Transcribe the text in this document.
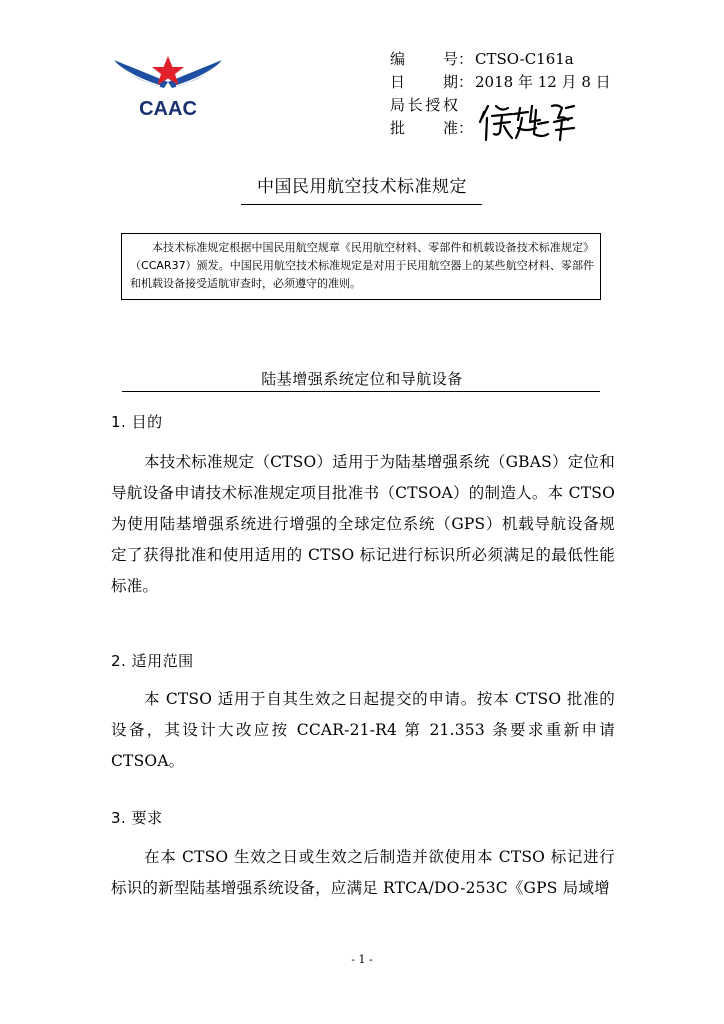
CAAC
编号 ： CTSO-C161a
日期 ： 2018 年 12 月 8 日
局长授权
批准 ：
中国民用航空技术标准规定
本技术标准规定根据中国民用航空规章《民用航空材料、零部件和机载设备技术标准规定》（CCAR37）颁发。中国民用航空技术标准规定是对用于民用航空器上的某些航空材料、零部件和机载设备接受适航审查时，必须遵守的准则。
陆基增强系统定位和导航设备
1. 目的
本技术标准规定（CTSO）适用于为陆基增强系统（GBAS）定位和导航设备申请技术标准规定项目批准书（CTSOA）的制造人。本 CTSO 为使用陆基增强系统进行增强的全球定位系统（GPS）机载导航设备规定了获得批准和使用适用的 CTSO 标记进行标识所必须满足的最低性能标准。
2. 适用范围
本 CTSO 适用于自其生效之日起提交的申请。按本 CTSO 批准的设备，其设计大改应按 CCAR-21-R4 第 21.353 条要求重新申请 CTSOA。
3. 要求
在本 CTSO 生效之日或生效之后制造并欲使用本 CTSO 标记进行标识的新型陆基增强系统设备，应满足 RTCA/DO-253C《GPS 局域增
- 1 -
